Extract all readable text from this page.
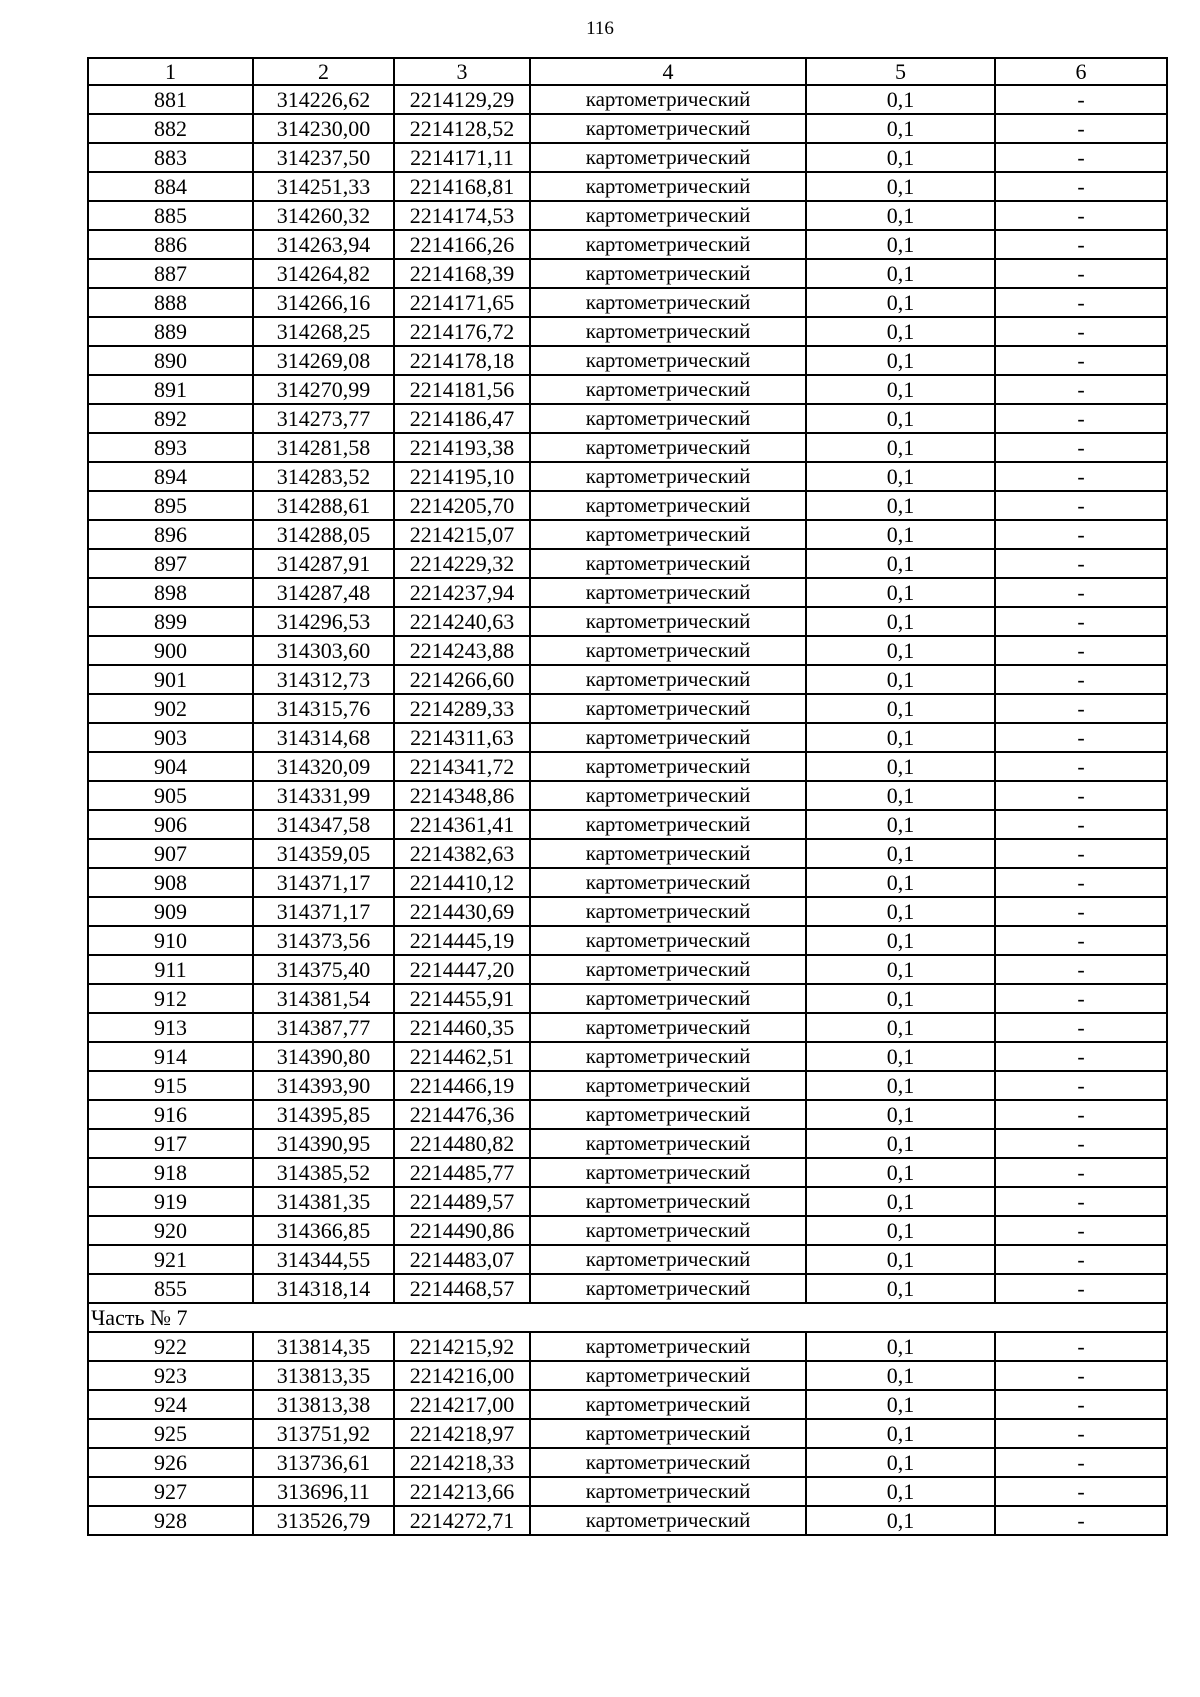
116
1	2	3	4	5	6
881	314226,62	2214129,29	картометрический	0,1	-
882	314230,00	2214128,52	картометрический	0,1	-
883	314237,50	2214171,11	картометрический	0,1	-
884	314251,33	2214168,81	картометрический	0,1	-
885	314260,32	2214174,53	картометрический	0,1	-
886	314263,94	2214166,26	картометрический	0,1	-
887	314264,82	2214168,39	картометрический	0,1	-
888	314266,16	2214171,65	картометрический	0,1	-
889	314268,25	2214176,72	картометрический	0,1	-
890	314269,08	2214178,18	картометрический	0,1	-
891	314270,99	2214181,56	картометрический	0,1	-
892	314273,77	2214186,47	картометрический	0,1	-
893	314281,58	2214193,38	картометрический	0,1	-
894	314283,52	2214195,10	картометрический	0,1	-
895	314288,61	2214205,70	картометрический	0,1	-
896	314288,05	2214215,07	картометрический	0,1	-
897	314287,91	2214229,32	картометрический	0,1	-
898	314287,48	2214237,94	картометрический	0,1	-
899	314296,53	2214240,63	картометрический	0,1	-
900	314303,60	2214243,88	картометрический	0,1	-
901	314312,73	2214266,60	картометрический	0,1	-
902	314315,76	2214289,33	картометрический	0,1	-
903	314314,68	2214311,63	картометрический	0,1	-
904	314320,09	2214341,72	картометрический	0,1	-
905	314331,99	2214348,86	картометрический	0,1	-
906	314347,58	2214361,41	картометрический	0,1	-
907	314359,05	2214382,63	картометрический	0,1	-
908	314371,17	2214410,12	картометрический	0,1	-
909	314371,17	2214430,69	картометрический	0,1	-
910	314373,56	2214445,19	картометрический	0,1	-
911	314375,40	2214447,20	картометрический	0,1	-
912	314381,54	2214455,91	картометрический	0,1	-
913	314387,77	2214460,35	картометрический	0,1	-
914	314390,80	2214462,51	картометрический	0,1	-
915	314393,90	2214466,19	картометрический	0,1	-
916	314395,85	2214476,36	картометрический	0,1	-
917	314390,95	2214480,82	картометрический	0,1	-
918	314385,52	2214485,77	картометрический	0,1	-
919	314381,35	2214489,57	картометрический	0,1	-
920	314366,85	2214490,86	картометрический	0,1	-
921	314344,55	2214483,07	картометрический	0,1	-
855	314318,14	2214468,57	картометрический	0,1	-
Часть № 7					
922	313814,35	2214215,92	картометрический	0,1	-
923	313813,35	2214216,00	картометрический	0,1	-
924	313813,38	2214217,00	картометрический	0,1	-
925	313751,92	2214218,97	картометрический	0,1	-
926	313736,61	2214218,33	картометрический	0,1	-
927	313696,11	2214213,66	картометрический	0,1	-
928	313526,79	2214272,71	картометрический	0,1	-
